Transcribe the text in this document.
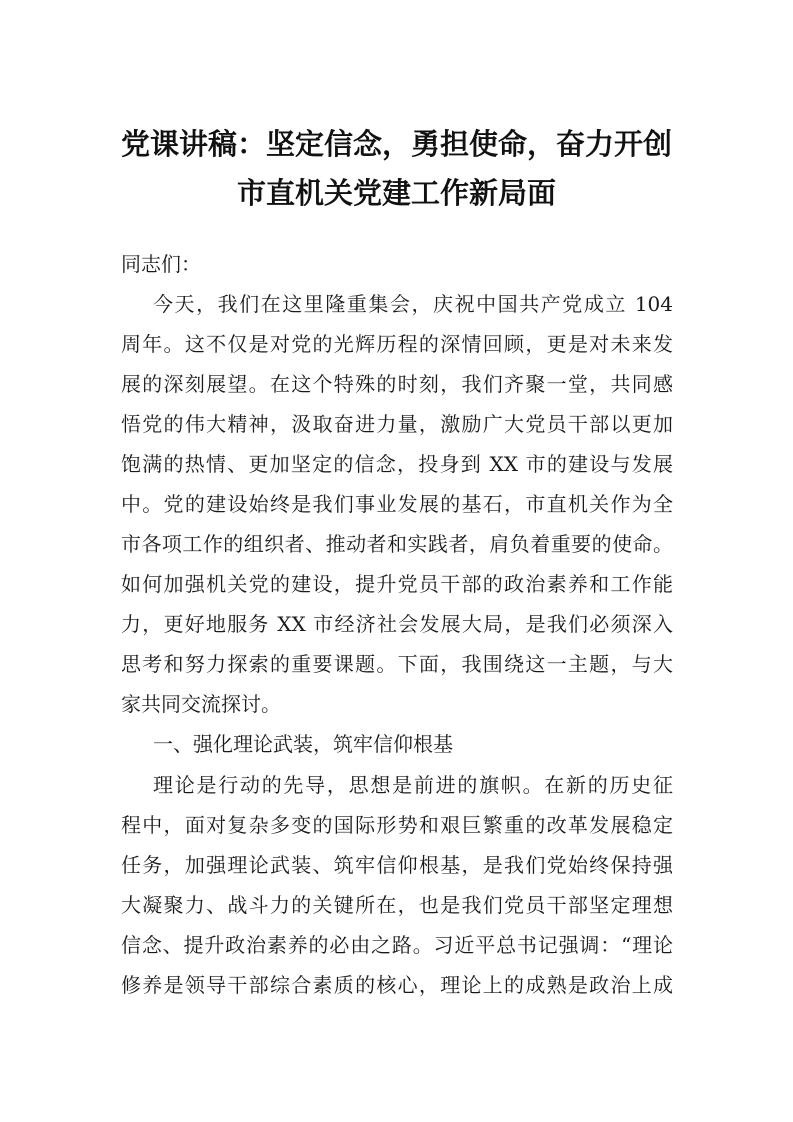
党课讲稿：坚定信念，勇担使命，奋力开创
市直机关党建工作新局面
同志们：
今天，我们在这里隆重集会，庆祝中国共产党成立 104
周年。这不仅是对党的光辉历程的深情回顾，更是对未来发
展的深刻展望。在这个特殊的时刻，我们齐聚一堂，共同感
悟党的伟大精神，汲取奋进力量，激励广大党员干部以更加
饱满的热情、更加坚定的信念，投身到 XX 市的建设与发展
中。党的建设始终是我们事业发展的基石，市直机关作为全
市各项工作的组织者、推动者和实践者，肩负着重要的使命。
如何加强机关党的建设，提升党员干部的政治素养和工作能
力，更好地服务 XX 市经济社会发展大局，是我们必须深入
思考和努力探索的重要课题。下面，我围绕这一主题，与大
家共同交流探讨。
一、强化理论武装，筑牢信仰根基
理论是行动的先导，思想是前进的旗帜。在新的历史征
程中，面对复杂多变的国际形势和艰巨繁重的改革发展稳定
任务，加强理论武装、筑牢信仰根基，是我们党始终保持强
大凝聚力、战斗力的关键所在，也是我们党员干部坚定理想
信念、提升政治素养的必由之路。习近平总书记强调：“理论
修养是领导干部综合素质的核心，理论上的成熟是政治上成
